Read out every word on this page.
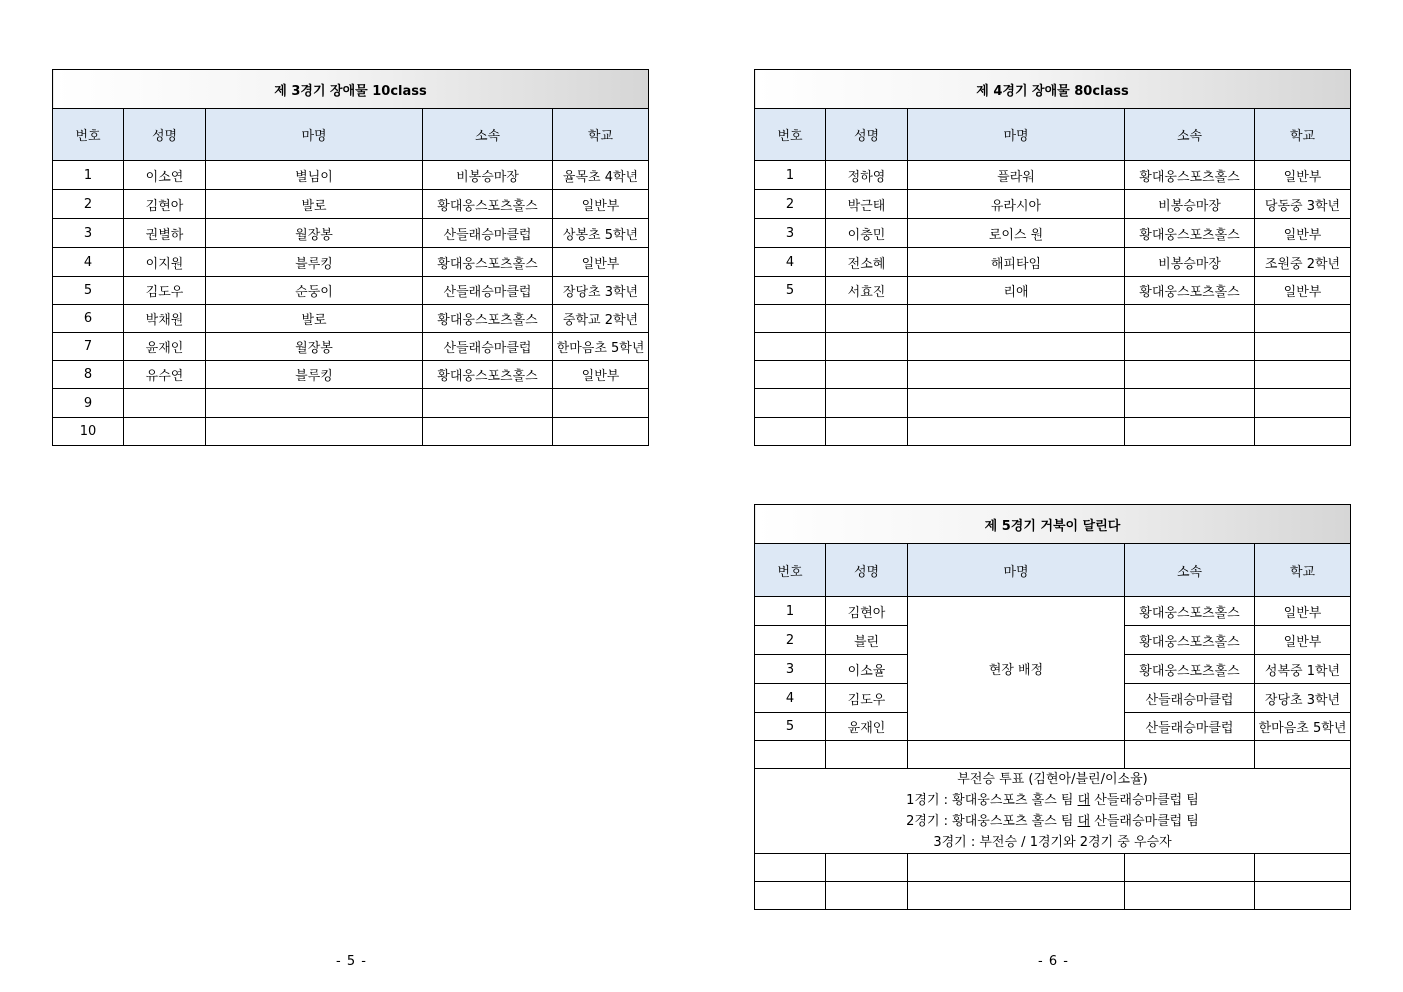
제 3경기 장애물 10class				
번호	성명	마명	소속	학교
1	이소연	별님이	비봉승마장	율목초 4학년
2	김현아	발로	황대웅스포츠홀스	일반부
3	권별하	월장봉	산들래승마클럽	상봉초 5학년
4	이지원	블루킹	황대웅스포츠홀스	일반부
5	김도우	순둥이	산들래승마클럽	장당초 3학년
6	박채원	발로	황대웅스포츠홀스	중학교 2학년
7	윤재인	월장봉	산들래승마클럽	한마음초 5학년
8	유수연	블루킹	황대웅스포츠홀스	일반부
9				
10				
제 4경기 장애물 80class				
번호	성명	마명	소속	학교
1	정하영	플라워	황대웅스포츠홀스	일반부
2	박근태	유라시아	비봉승마장	당동중 3학년
3	이충민	로이스 원	황대웅스포츠홀스	일반부
4	전소혜	해피타임	비봉승마장	조원중 2학년
5	서효진	리애	황대웅스포츠홀스	일반부

제 5경기 거북이 달린다				
번호	성명	마명	소속	학교
1	김현아	현장 배정	황대웅스포츠홀스	일반부
2	블린		황대웅스포츠홀스	일반부
3	이소율		황대웅스포츠홀스	성복중 1학년
4	김도우		산들래승마클럽	장당초 3학년
5	윤재인		산들래승마클럽	한마음초 5학년

부전승 투표 (김현아/블린/이소율)
1경기 : 황대웅스포츠 홀스 팀 대 산들래승마클럽 팀
2경기 : 황대웅스포츠 홀스 팀 대 산들래승마클럽 팀
3경기 : 부전승 / 1경기와 2경기 중 우승자				

- 5 -	- 6 -
